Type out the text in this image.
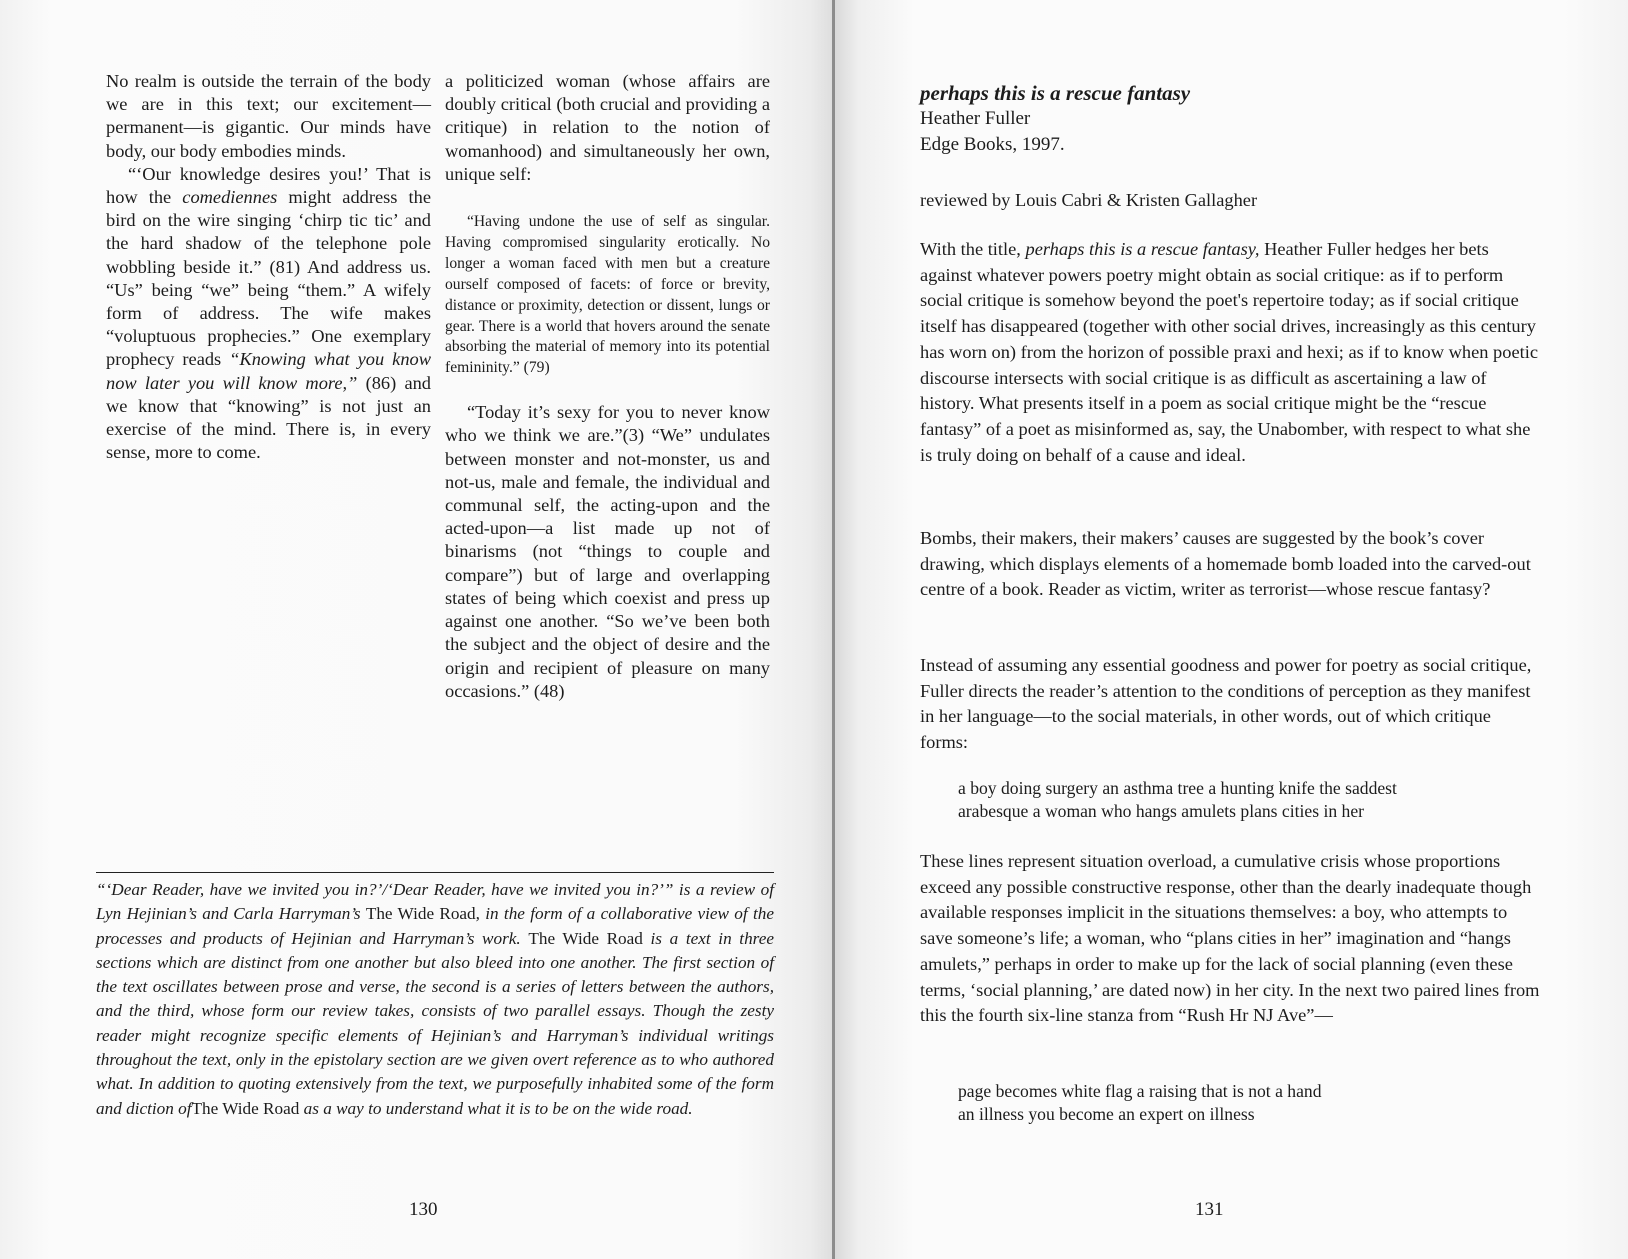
No realm is outside the terrain of the body we are in this text; our excitement—permanent—is gigantic. Our minds have body, our body embodies minds.

“‘Our knowledge desires you!’ That is how the comediennes might address the bird on the wire singing ‘chirp tic tic’ and the hard shadow of the telephone pole wobbling beside it.” (81) And address us. “Us” being “we” being “them.” A wifely form of address. The wife makes “voluptuous prophecies.” One exemplary prophecy reads “Knowing what you know now later you will know more,” (86) and we know that “knowing” is not just an exercise of the mind. There is, in every sense, more to come.

a politicized woman (whose affairs are doubly critical (both crucial and providing a critique) in relation to the notion of womanhood) and simultaneously her own, unique self:

“Having undone the use of self as singular. Having compromised singularity erotically. No longer a woman faced with men but a creature ourself composed of facets: of force or brevity, distance or proximity, detection or dissent, lungs or gear. There is a world that hovers around the senate absorbing the material of memory into its potential femininity.” (79)

“Today it’s sexy for you to never know who we think we are.”(3) “We” undulates between monster and not-monster, us and not-us, male and female, the individual and communal self, the acting-upon and the acted-upon—a list made up not of binarisms (not “things to couple and compare”) but of large and overlapping states of being which coexist and press up against one another. “So we’ve been both the subject and the object of desire and the origin and recipient of pleasure on many occasions.” (48)

“‘Dear Reader, have we invited you in?’/‘Dear Reader, have we invited you in?’” is a review of Lyn Hejinian’s and Carla Harryman’s The Wide Road, in the form of a collaborative view of the processes and products of Hejinian and Harryman’s work. The Wide Road is a text in three sections which are distinct from one another but also bleed into one another. The first section of the text oscillates between prose and verse, the second is a series of letters between the authors, and the third, whose form our review takes, consists of two parallel essays. Though the zesty reader might recognize specific elements of Hejinian’s and Harryman’s individual writings throughout the text, only in the epistolary section are we given overt reference as to who authored what. In addition to quoting extensively from the text, we purposefully inhabited some of the form and diction ofThe Wide Road as a way to understand what it is to be on the wide road.

130

perhaps this is a rescue fantasy

Heather Fuller

Edge Books, 1997.

reviewed by Louis Cabri & Kristen Gallagher
With the title, perhaps this is a rescue fantasy, Heather Fuller hedges her bets against whatever powers poetry might obtain as social critique: as if to perform social critique is somehow beyond the poet's repertoire today; as if social critique itself has disappeared (together with other social drives, increasingly as this century has worn on) from the horizon of possible praxi and hexi; as if to know when poetic discourse intersects with social critique is as difficult as ascertaining a law of history. What presents itself in a poem as social critique might be the “rescue fantasy” of a poet as misinformed as, say, the Unabomber, with respect to what she is truly doing on behalf of a cause and ideal.
Bombs, their makers, their makers’ causes are suggested by the book’s cover drawing, which displays elements of a homemade bomb loaded into the carved-out centre of a book. Reader as victim, writer as terrorist—whose rescue fantasy?
Instead of assuming any essential goodness and power for poetry as social critique, Fuller directs the reader’s attention to the conditions of perception as they manifest in her language—to the social materials, in other words, out of which critique forms:

a boy doing surgery an asthma tree a hunting knife the saddest

arabesque a woman who hangs amulets plans cities in her

These lines represent situation overload, a cumulative crisis whose proportions exceed any possible constructive response, other than the dearly inadequate though available responses implicit in the situations themselves: a boy, who attempts to save someone’s life; a woman, who “plans cities in her” imagination and “hangs amulets,” perhaps in order to make up for the lack of social planning (even these terms, ‘social planning,’ are dated now) in her city. In the next two paired lines from this the fourth six-line stanza from “Rush Hr NJ Ave”—

page becomes white flag a raising that is not a hand

an illness you become an expert on illness

131
